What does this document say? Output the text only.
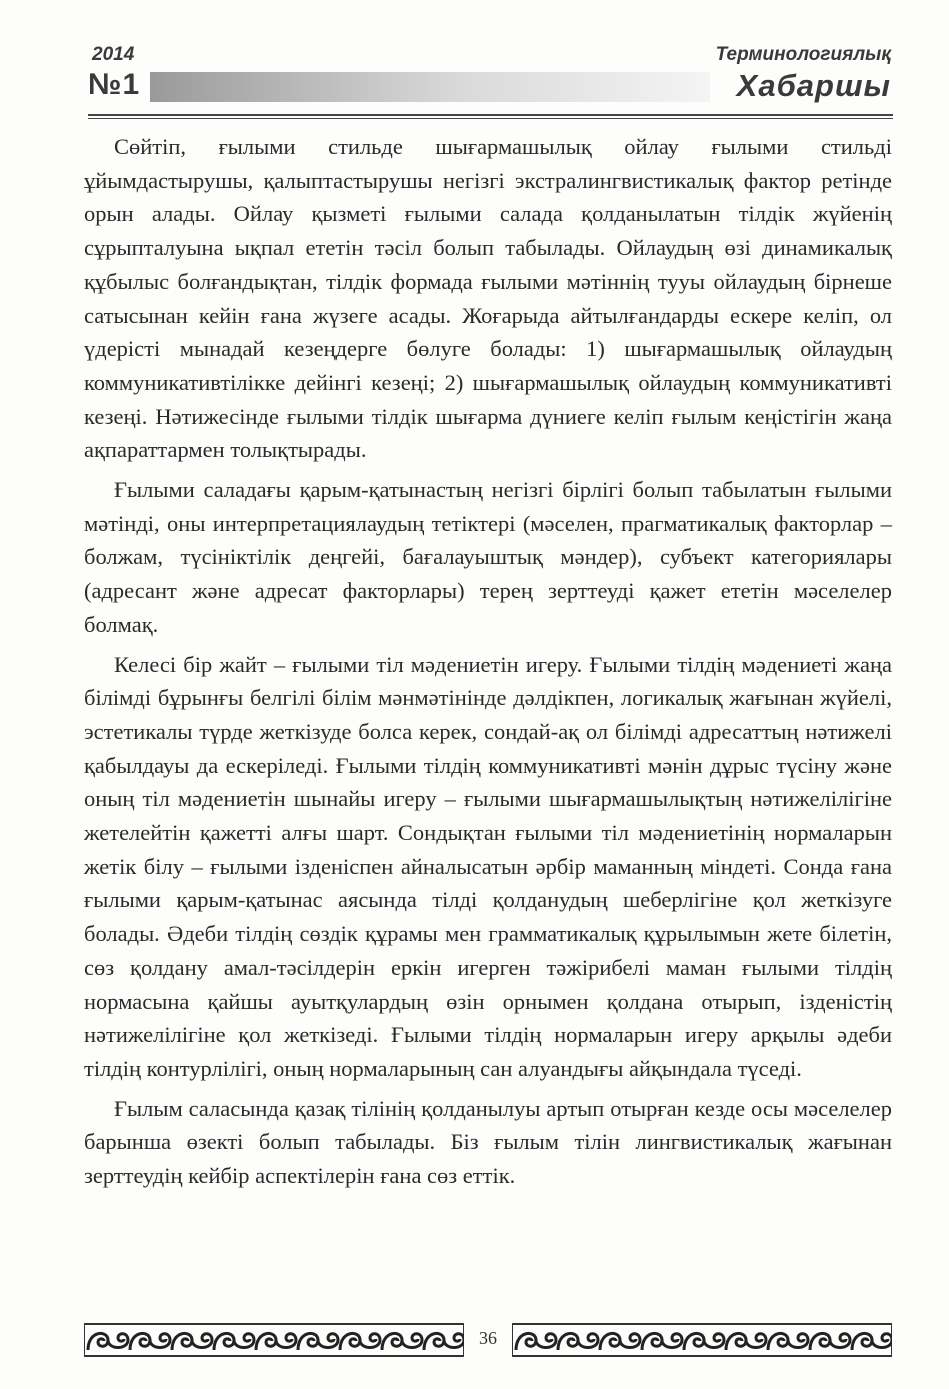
2014
№1
Терминологиялық
Хабаршы

Сөйтіп, ғылыми стильде шығармашылық ойлау ғылыми стильді ұйымдастырушы, қалыптастырушы негізгі экстралингвистикалық фактор ретінде орын алады. Ойлау қызметі ғылыми салада қолданылатын тілдік жүйенің сұрыпталуына ықпал ететін тәсіл болып табылады. Ойлаудың өзі динамикалық құбылыс болғандықтан, тілдік формада ғылыми мәтіннің тууы ойлаудың бірнеше сатысынан кейін ғана жүзеге асады. Жоғарыда айтылғандарды ескере келіп, ол үдерісті мынадай кезеңдерге бөлуге болады: 1) шығармашылық ойлаудың коммуникативтілікке дейінгі кезеңі; 2) шығармашылық ойлаудың коммуникативті кезеңі. Нәтижесінде ғылыми тілдік шығарма дүниеге келіп ғылым кеңістігін жаңа ақпараттармен толықтырады.

Ғылыми саладағы қарым-қатынастың негізгі бірлігі болып табылатын ғылыми мәтінді, оны интерпретациялаудың тетіктері (мәселен, прагматикалық факторлар – болжам, түсініктілік деңгейі, бағалауыштық мәндер), субъект категориялары (адресант және адресат факторлары) терең зерттеуді қажет ететін мәселелер болмақ.

Келесі бір жайт – ғылыми тіл мәдениетін игеру. Ғылыми тілдің мәдениеті жаңа білімді бұрынғы белгілі білім мәнмәтінінде дәлдікпен, логикалық жағынан жүйелі, эстетикалы түрде жеткізуде болса керек, сондай-ақ ол білімді адресаттың нәтижелі қабылдауы да ескеріледі. Ғылыми тілдің коммуникативті мәнін дұрыс түсіну және оның тіл мәдениетін шынайы игеру – ғылыми шығармашылықтың нәтижелілігіне жетелейтін қажетті алғы шарт. Сондықтан ғылыми тіл мәдениетінің нормаларын жетік білу – ғылыми ізденіспен айналысатын әрбір маманның міндеті. Сонда ғана ғылыми қарым-қатынас аясында тілді қолданудың шеберлігіне қол жеткізуге болады. Әдеби тілдің сөздік құрамы мен грамматикалық құрылымын жете білетін, сөз қолдану амал-тәсілдерін еркін игерген тәжірибелі маман ғылыми тілдің нормасына қайшы ауытқулардың өзін орнымен қолдана отырып, ізденістің нәтижелілігіне қол жеткізеді. Ғылыми тілдің нормаларын игеру арқылы әдеби тілдің контурлілігі, оның нормаларының сан алуандығы айқындала түседі.

Ғылым саласында қазақ тілінің қолданылуы артып отырған кезде осы мәселелер барынша өзекті болып табылады. Біз ғылым тілін лингвистикалық жағынан зерттеудің кейбір аспектілерін ғана сөз еттік.

36
